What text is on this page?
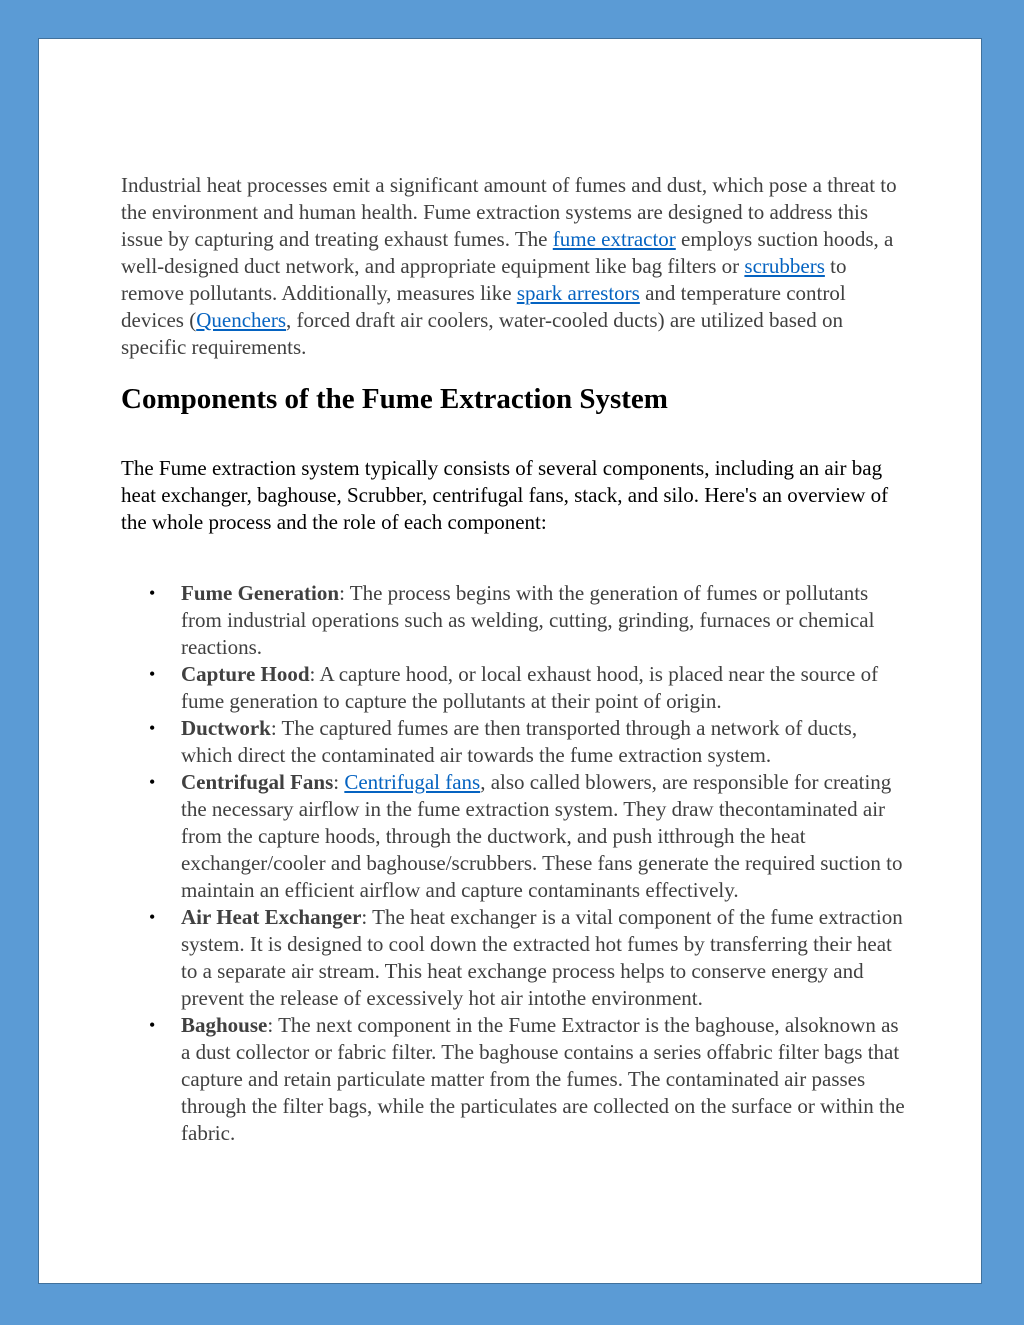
Industrial heat processes emit a significant amount of fumes and dust, which pose a threat to the environment and human health. Fume extraction systems are designed to address this issue by capturing and treating exhaust fumes. The fume extractor employs suction hoods, a well-designed duct network, and appropriate equipment like bag filters or scrubbers to remove pollutants. Additionally, measures like spark arrestors and temperature control devices (Quenchers, forced draft air coolers, water-cooled ducts) are utilized based on specific requirements.

Components of the Fume Extraction System

The Fume extraction system typically consists of several components, including an air bag heat exchanger, baghouse, Scrubber, centrifugal fans, stack, and silo. Here's an overview of the whole process and the role of each component:

• Fume Generation: The process begins with the generation of fumes or pollutants from industrial operations such as welding, cutting, grinding, furnaces or chemical reactions.
• Capture Hood: A capture hood, or local exhaust hood, is placed near the source of fume generation to capture the pollutants at their point of origin.
• Ductwork: The captured fumes are then transported through a network of ducts, which direct the contaminated air towards the fume extraction system.
• Centrifugal Fans: Centrifugal fans, also called blowers, are responsible for creating the necessary airflow in the fume extraction system. They draw thecontaminated air from the capture hoods, through the ductwork, and push itthrough the heat exchanger/cooler and baghouse/scrubbers. These fans generate the required suction to maintain an efficient airflow and capture contaminants effectively.
• Air Heat Exchanger: The heat exchanger is a vital component of the fume extraction system. It is designed to cool down the extracted hot fumes by transferring their heat to a separate air stream. This heat exchange process helps to conserve energy and prevent the release of excessively hot air intothe environment.
• Baghouse: The next component in the Fume Extractor is the baghouse, alsoknown as a dust collector or fabric filter. The baghouse contains a series offabric filter bags that capture and retain particulate matter from the fumes. The contaminated air passes through the filter bags, while the particulates are collected on the surface or within the fabric.
